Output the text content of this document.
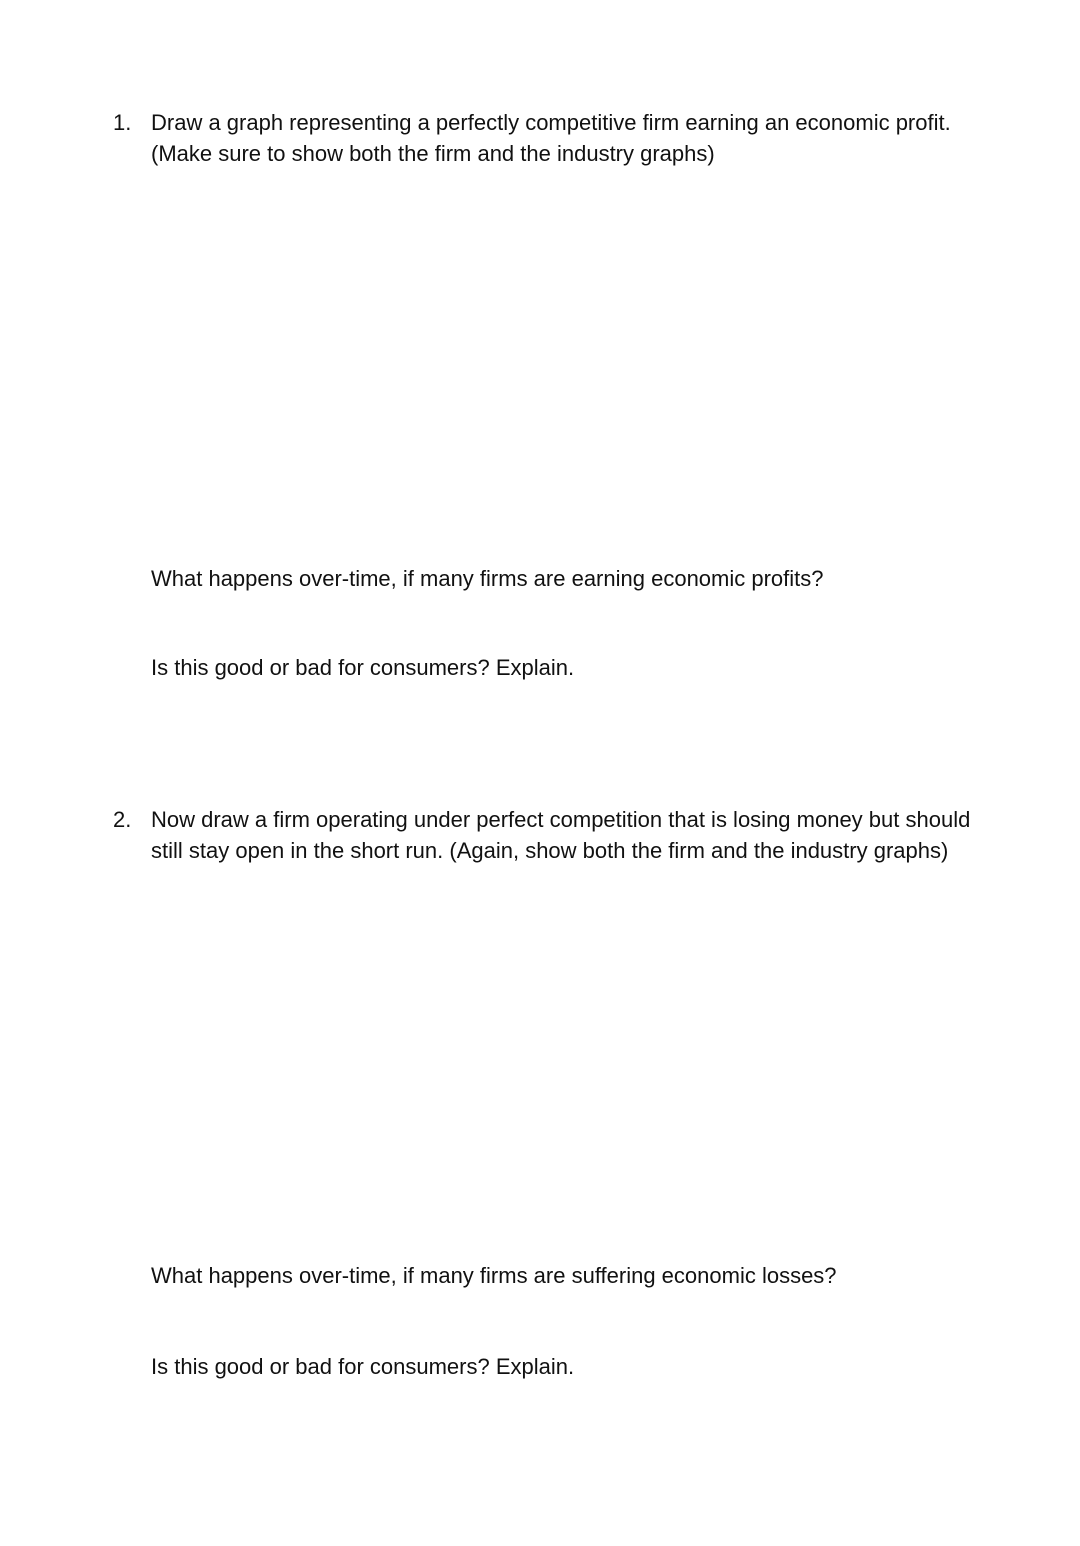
1. Draw a graph representing a perfectly competitive firm earning an economic profit.
(Make sure to show both the firm and the industry graphs)
What happens over-time, if many firms are earning economic profits?
Is this good or bad for consumers? Explain.
2. Now draw a firm operating under perfect competition that is losing money but should
still stay open in the short run. (Again, show both the firm and the industry graphs)
What happens over-time, if many firms are suffering economic losses?
Is this good or bad for consumers? Explain.
